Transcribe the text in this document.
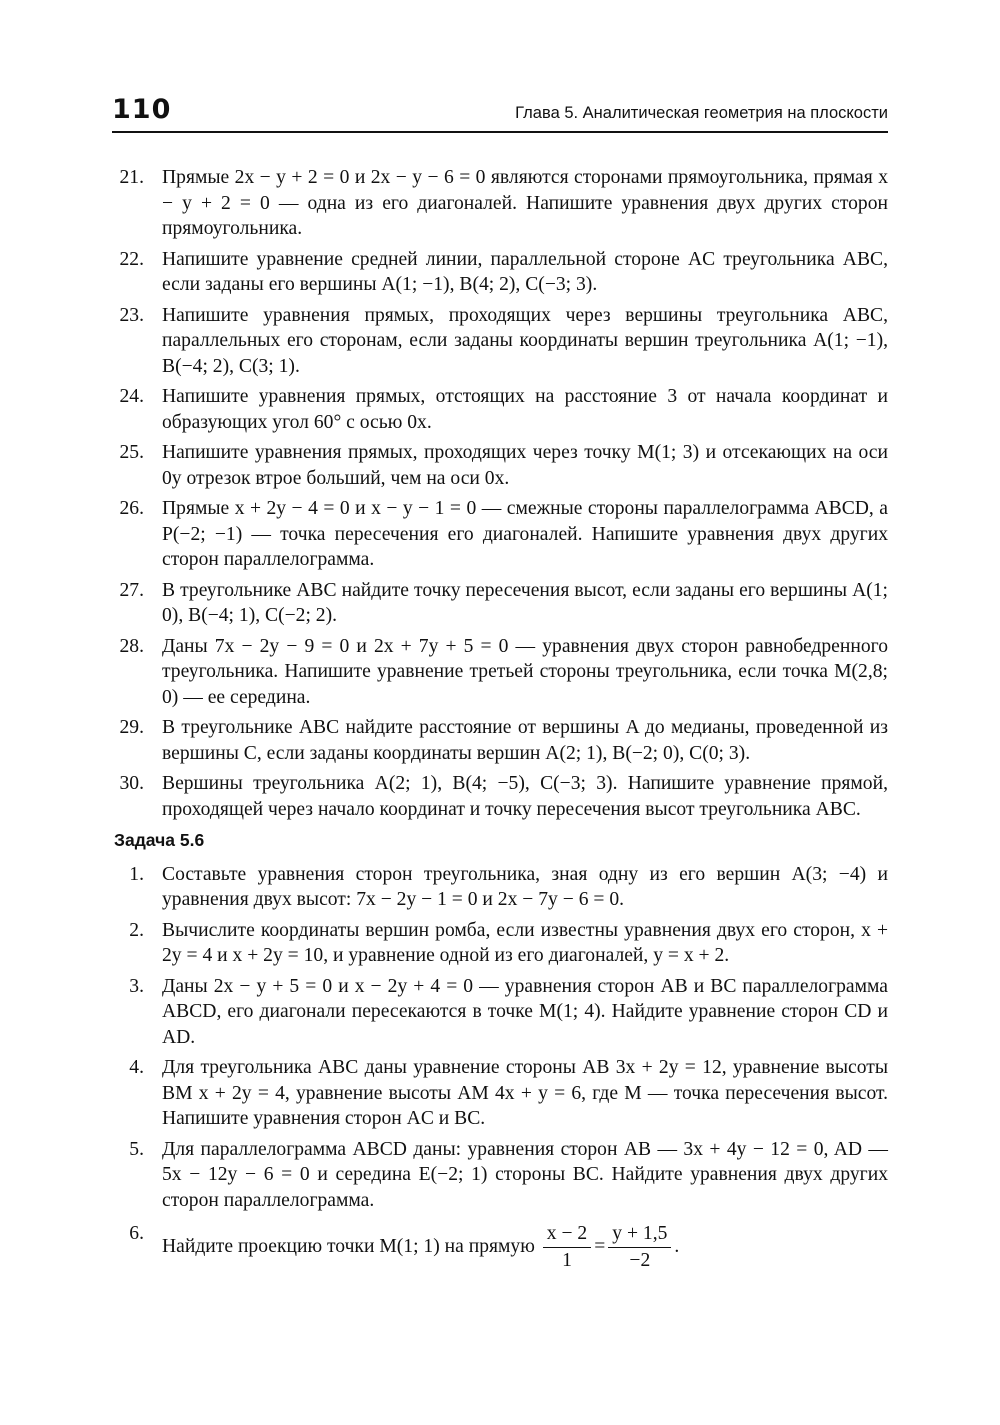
110	Глава 5. Аналитическая геометрия на плоскости
21. Прямые 2x − y + 2 = 0 и 2x − y − 6 = 0 являются сторонами прямоугольника, прямая x − y + 2 = 0 — одна из его диагоналей. Напишите уравнения двух других сторон прямоугольника.
22. Напишите уравнение средней линии, параллельной стороне AC треугольника ABC, если заданы его вершины A(1; −1), B(4; 2), C(−3; 3).
23. Напишите уравнения прямых, проходящих через вершины треугольника ABC, параллельных его сторонам, если заданы координаты вершин треугольника A(1; −1), B(−4; 2), C(3; 1).
24. Напишите уравнения прямых, отстоящих на расстояние 3 от начала координат и образующих угол 60° с осью 0x.
25. Напишите уравнения прямых, проходящих через точку M(1; 3) и отсекающих на оси 0y отрезок втрое больший, чем на оси 0x.
26. Прямые x + 2y − 4 = 0 и x − y − 1 = 0 — смежные стороны параллелограмма ABCD, а P(−2; −1) — точка пересечения его диагоналей. Напишите уравнения двух других сторон параллелограмма.
27. В треугольнике ABC найдите точку пересечения высот, если заданы его вершины A(1; 0), B(−4; 1), C(−2; 2).
28. Даны 7x − 2y − 9 = 0 и 2x + 7y + 5 = 0 — уравнения двух сторон равнобедренного треугольника. Напишите уравнение третьей стороны треугольника, если точка M(2,8; 0) — ее середина.
29. В треугольнике ABC найдите расстояние от вершины A до медианы, проведенной из вершины C, если заданы координаты вершин A(2; 1), B(−2; 0), C(0; 3).
30. Вершины треугольника A(2; 1), B(4; −5), C(−3; 3). Напишите уравнение прямой, проходящей через начало координат и точку пересечения высот треугольника ABC.
Задача 5.6
1. Составьте уравнения сторон треугольника, зная одну из его вершин A(3; −4) и уравнения двух высот: 7x − 2y − 1 = 0 и 2x − 7y − 6 = 0.
2. Вычислите координаты вершин ромба, если известны уравнения двух его сторон, x + 2y = 4 и x + 2y = 10, и уравнение одной из его диагоналей, y = x + 2.
3. Даны 2x − y + 5 = 0 и x − 2y + 4 = 0 — уравнения сторон AB и BC параллелограмма ABCD, его диагонали пересекаются в точке M(1; 4). Найдите уравнение сторон CD и AD.
4. Для треугольника ABC даны уравнение стороны AB 3x + 2y = 12, уравнение высоты BM x + 2y = 4, уравнение высоты AM 4x + y = 6, где M — точка пересечения высот. Напишите уравнения сторон AC и BC.
5. Для параллелограмма ABCD даны: уравнения сторон AB — 3x + 4y − 12 = 0, AD — 5x − 12y − 6 = 0 и середина E(−2; 1) стороны BC. Найдите уравнения двух других сторон параллелограмма.
6.
Найдите проекцию точки M(1; 1) на прямую $\frac{x - 2}{1} = \frac{y + 1,5}{-2}$ .
